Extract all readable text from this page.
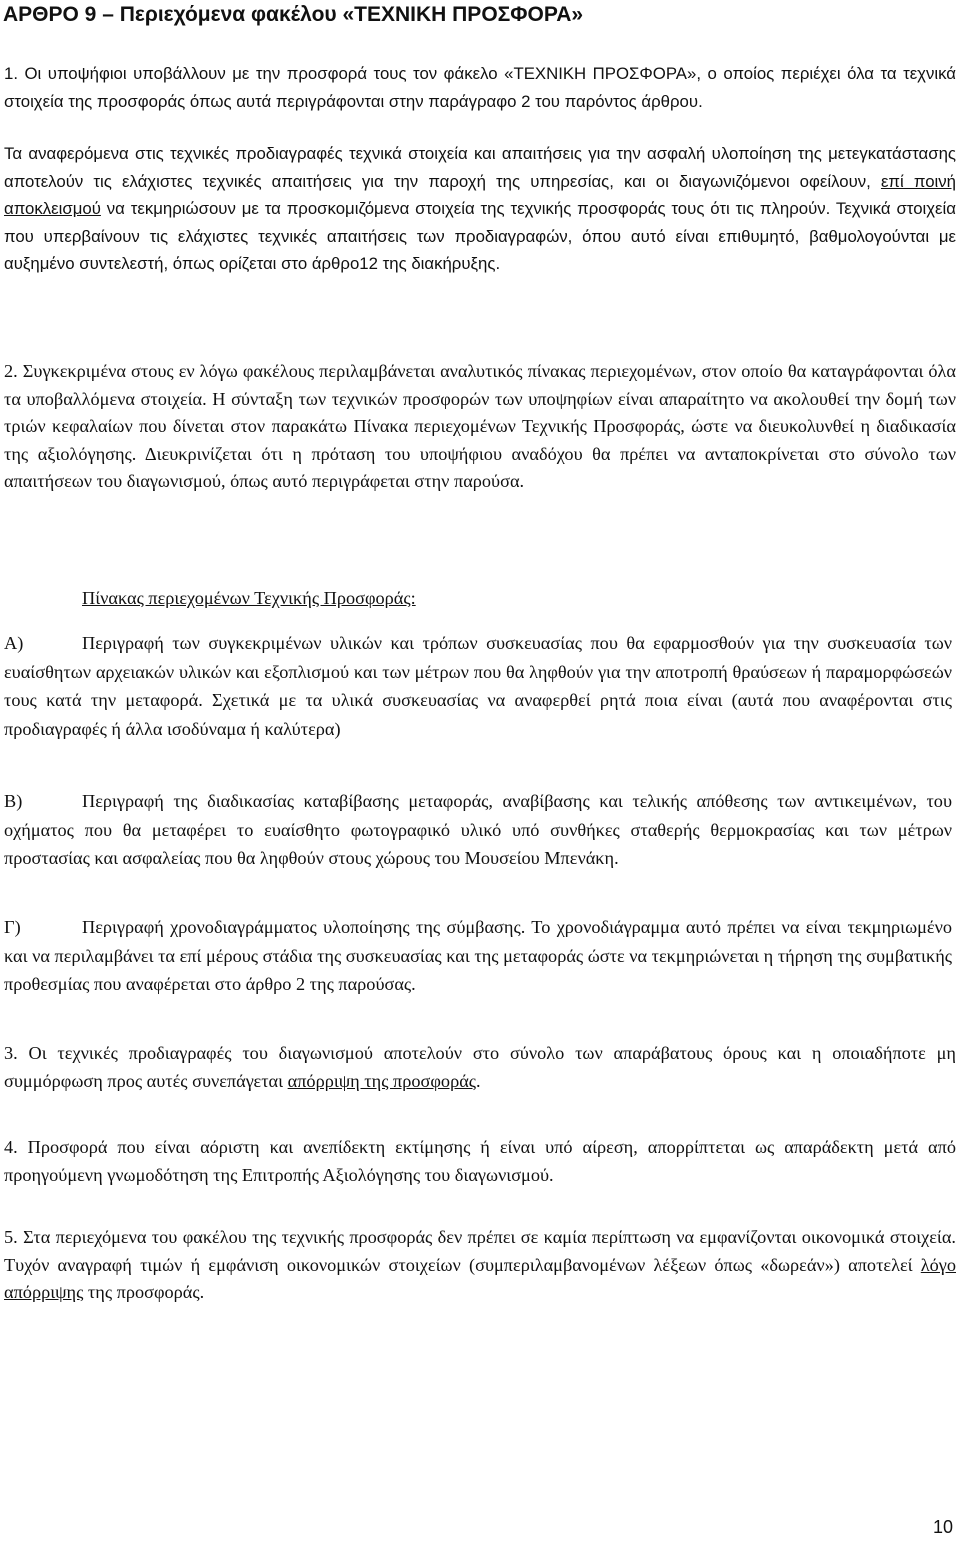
ΑΡΘΡΟ 9 – Περιεχόμενα φακέλου «ΤΕΧΝΙΚΗ ΠΡΟΣΦΟΡΑ»

1. Οι υποψήφιοι υποβάλλουν με την προσφορά τους τον φάκελο «ΤΕΧΝΙΚΗ ΠΡΟΣΦΟΡΑ», ο οποίος περιέχει όλα τα τεχνικά στοιχεία της προσφοράς όπως αυτά περιγράφονται στην παράγραφο 2 του παρόντος άρθρου.

Τα αναφερόμενα στις τεχνικές προδιαγραφές τεχνικά στοιχεία και απαιτήσεις για την ασφαλή υλοποίηση της μετεγκατάστασης αποτελούν τις ελάχιστες τεχνικές απαιτήσεις για την παροχή της υπηρεσίας, και οι διαγωνιζόμενοι οφείλουν, επί ποινή αποκλεισμού να τεκμηριώσουν με τα προσκομιζόμενα στοιχεία της τεχνικής προσφοράς τους ότι τις πληρούν. Τεχνικά στοιχεία που υπερβαίνουν τις ελάχιστες τεχνικές απαιτήσεις των προδιαγραφών, όπου αυτό είναι επιθυμητό, βαθμολογούνται με αυξημένο συντελεστή, όπως ορίζεται στο άρθρο12 της διακήρυξης.

2. Συγκεκριμένα στους εν λόγω φακέλους περιλαμβάνεται αναλυτικός πίνακας περιεχομένων, στον οποίο θα καταγράφονται όλα τα υποβαλλόμενα στοιχεία. Η σύνταξη των τεχνικών προσφορών των υποψηφίων είναι απαραίτητο να ακολουθεί την δομή των τριών κεφαλαίων που δίνεται στον παρακάτω Πίνακα περιεχομένων Τεχνικής Προσφοράς, ώστε να διευκολυνθεί η διαδικασία της αξιολόγησης. Διευκρινίζεται ότι η πρόταση του υποψήφιου αναδόχου θα πρέπει να ανταποκρίνεται στο σύνολο των απαιτήσεων του διαγωνισμού, όπως αυτό περιγράφεται στην παρούσα.

Πίνακας περιεχομένων Τεχνικής Προσφοράς:

Α)	Περιγραφή των συγκεκριμένων υλικών και τρόπων συσκευασίας που θα εφαρμοσθούν για την συσκευασία των ευαίσθητων αρχειακών υλικών και εξοπλισμού και των μέτρων που θα ληφθούν για την αποτροπή θραύσεων ή παραμορφώσεών τους κατά την μεταφορά. Σχετικά με τα υλικά συσκευασίας να αναφερθεί ρητά ποια είναι (αυτά που αναφέρονται στις προδιαγραφές ή άλλα ισοδύναμα ή καλύτερα)

Β)	Περιγραφή της διαδικασίας καταβίβασης μεταφοράς, αναβίβασης και τελικής απόθεσης των αντικειμένων, του οχήματος που θα μεταφέρει το ευαίσθητο φωτογραφικό υλικό υπό συνθήκες σταθερής θερμοκρασίας και των μέτρων προστασίας και ασφαλείας που θα ληφθούν στους χώρους του Μουσείου Μπενάκη.

Γ)	Περιγραφή χρονοδιαγράμματος υλοποίησης της σύμβασης. Το χρονοδιάγραμμα αυτό πρέπει να είναι τεκμηριωμένο και να περιλαμβάνει τα επί μέρους στάδια της συσκευασίας και της μεταφοράς ώστε να τεκμηριώνεται η τήρηση της συμβατικής προθεσμίας που αναφέρεται στο άρθρο 2 της παρούσας.

3. Οι τεχνικές προδιαγραφές του διαγωνισμού αποτελούν στο σύνολο των απαράβατους όρους και η οποιαδήποτε μη συμμόρφωση προς αυτές συνεπάγεται απόρριψη της προσφοράς.

4. Προσφορά που είναι αόριστη και ανεπίδεκτη εκτίμησης ή είναι υπό αίρεση, απορρίπτεται ως απαράδεκτη μετά από προηγούμενη γνωμοδότηση της Επιτροπής Αξιολόγησης του διαγωνισμού.

5. Στα περιεχόμενα του φακέλου της τεχνικής προσφοράς δεν πρέπει σε καμία περίπτωση να εμφανίζονται οικονομικά στοιχεία. Τυχόν αναγραφή τιμών ή εμφάνιση οικονομικών στοιχείων (συμπεριλαμβανομένων λέξεων όπως «δωρεάν») αποτελεί λόγο απόρριψης της προσφοράς.

10
